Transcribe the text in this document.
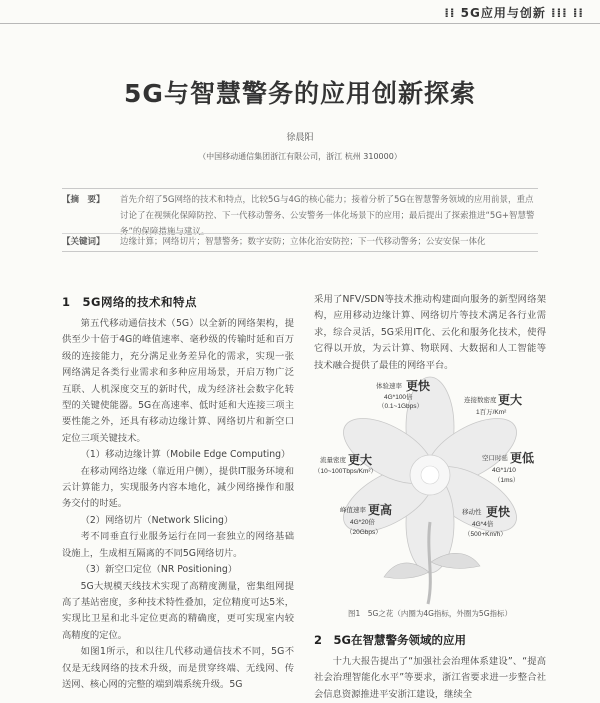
⁞⁞ 5G应用与创新 ⁞⁞⁞ ⁞⁞
5G与智慧警务的应用创新探索
徐晨阳
（中国移动通信集团浙江有限公司，浙江 杭州 310000）
【摘　要】 首先介绍了5G网络的技术和特点，比较5G与4G的核心能力；接着分析了5G在智慧警务领域的应用前景，重点讨论了在视频化保障防控、下一代移动警务、公安警务一体化场景下的应用；最后提出了探索推进“5G+智慧警务”的保障措施与建议。
【关键词】 边缘计算；网络切片；智慧警务；数字安防；立体化治安防控；下一代移动警务；公安安保一体化
1　5G网络的技术和特点

第五代移动通信技术（5G）以全新的网络架构，提供至少十倍于4G的峰值速率、毫秒级的传输时延和百万级的连接能力，充分满足业务差异化的需求，实现一张网络满足各类行业需求和多种应用场景，开启万物广泛互联、人机深度交互的新时代，成为经济社会数字化转型的关键使能器。5G在高速率、低时延和大连接三项主要性能之外，还具有移动边缘计算、网络切片和新空口定位三项关键技术。

（1）移动边缘计算（Mobile Edge Computing）

在移动网络边缘（靠近用户侧），提供IT服务环境和云计算能力，实现服务内容本地化，减少网络操作和服务交付的时延。

（2）网络切片（Network Slicing）

考不同垂直行业服务运行在同一套独立的网络基础设施上，生成相互隔离的不同5G网络切片。

（3）新空口定位（NR Positioning）

5G大规模天线技术实现了高精度测量，密集组网提高了基站密度，多种技术特性叠加，定位精度可达5米，实现比卫星和北斗定位更高的精确度，更可实现室内较高精度的定位。

如图1所示，和以往几代移动通信技术不同，5G不仅是无线网络的技术升级，而是贯穿终端、无线网、传送网、核心网的完整的端到端系统升级。5G

采用了NFV/SDN等技术推动构建面向服务的新型网络架构，应用移动边缘计算、网络切片等技术满足各行业需求，综合灵活，5G采用IT化、云化和服务化技术，使得它得以开放，为云计算、物联网、大数据和人工智能等技术融合提供了最佳的网络平台。

体验速率 更快
4G*100倍
（0.1~1Gbps）
连接数密度 更大
1百万/Km²
流量密度 更大
（10~100Tbps/Km²）
空口时延 更低
4G*1/10
（1ms）
峰值速率 更高
4G*20倍
（20Gbps）
移动性 更快
4G*4倍
（500+Km/h）
图1　5G之花（内圈为4G指标，外圈为5G指标）
2　5G在智慧警务领域的应用

十九大报告提出了“加强社会治理体系建设”、“提高社会治理智能化水平”等要求，浙江省要求进一步整合社会信息资源推进平安浙江建设，继续全
